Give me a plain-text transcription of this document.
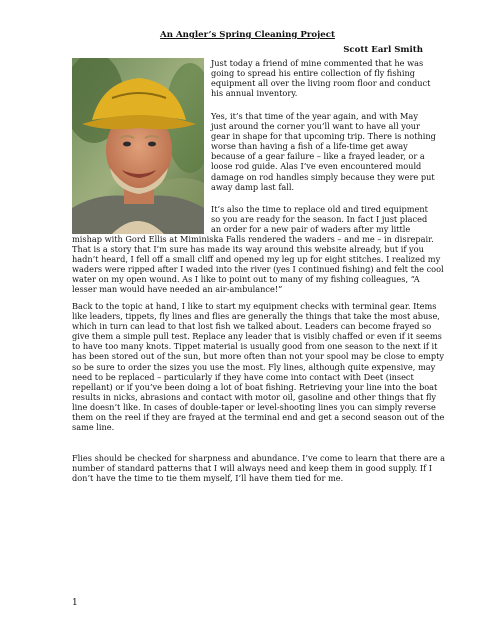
An Angler’s Spring Cleaning Project
Scott Earl Smith
Just today a friend of mine commented that he was
going to spread his entire collection of fly fishing
equipment all over the living room floor and conduct
his annual inventory.
Yes, it’s that time of the year again, and with May
just around the corner you’ll want to have all your
gear in shape for that upcoming trip. There is nothing
worse than having a fish of a life-time get away
because of a gear failure – like a frayed leader, or a
loose rod guide. Alas I’ve even encountered mould
damage on rod handles simply because they were put
away damp last fall.
It’s also the time to replace old and tired equipment
so you are ready for the season. In fact I just placed
an order for a new pair of waders after my little
mishap with Gord Ellis at Miminiska Falls rendered the waders – and me – in disrepair.
That is a story that I’m sure has made its way around this website already, but if you
hadn’t heard, I fell off a small cliff and opened my leg up for eight stitches. I realized my
waders were ripped after I waded into the river (yes I continued fishing) and felt the cool
water on my open wound. As I like to point out to many of my fishing colleagues, “A
lesser man would have needed an air-ambulance!”
Back to the topic at hand, I like to start my equipment checks with terminal gear. Items
like leaders, tippets, fly lines and flies are generally the things that take the most abuse,
which in turn can lead to that lost fish we talked about. Leaders can become frayed so
give them a simple pull test. Replace any leader that is visibly chaffed or even if it seems
to have too many knots. Tippet material is usually good from one season to the next if it
has been stored out of the sun, but more often than not your spool may be close to empty
so be sure to order the sizes you use the most. Fly lines, although quite expensive, may
need to be replaced – particularly if they have come into contact with Deet (insect
repellant) or if you’ve been doing a lot of boat fishing. Retrieving your line into the boat
results in nicks, abrasions and contact with motor oil, gasoline and other things that fly
line doesn’t like. In cases of double-taper or level-shooting lines you can simply reverse
them on the reel if they are frayed at the terminal end and get a second season out of the
same line.
Flies should be checked for sharpness and abundance. I’ve come to learn that there are a
number of standard patterns that I will always need and keep them in good supply. If I
don’t have the time to tie them myself, I’ll have them tied for me.
1
